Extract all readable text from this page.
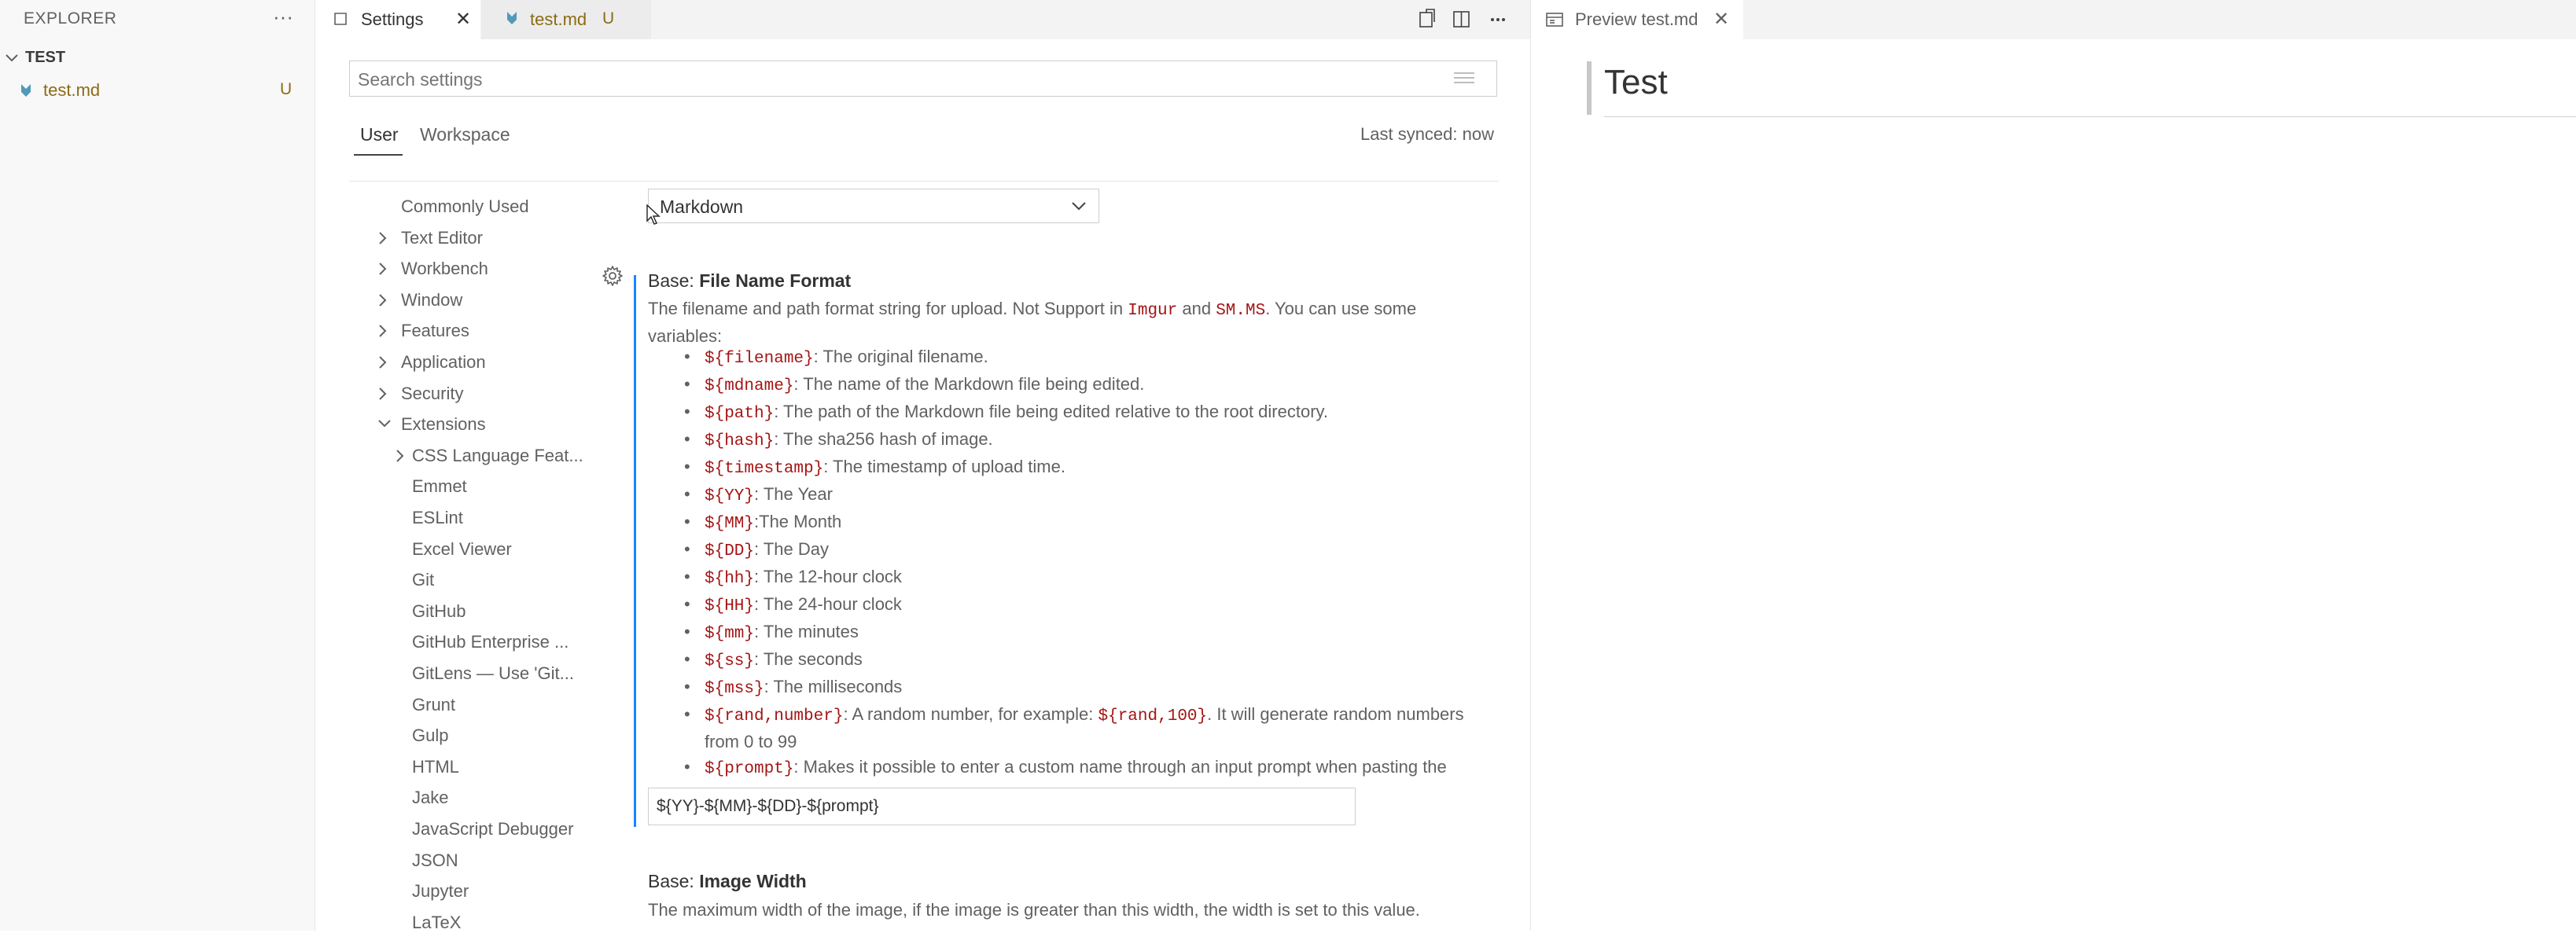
EXPLORER	···
TEST
test.md	U
Settings ✕	test.md U
Search settings
User Workspace	Last synced: now
Commonly Used
Text Editor
Workbench
Window
Features
Application
Security
Extensions
CSS Language Feat...
Emmet
ESLint
Excel Viewer
Git
GitHub
GitHub Enterprise ...
GitLens — Use 'Git...
Grunt
Gulp
HTML
Jake
JavaScript Debugger
JSON
Jupyter
LaTeX
Markdown
Base: File Name Format
The filename and path format string for upload. Not Support in Imgur and SM.MS. You can use some variables:
• ${filename}: The original filename.
• ${mdname}: The name of the Markdown file being edited.
• ${path}: The path of the Markdown file being edited relative to the root directory.
• ${hash}: The sha256 hash of image.
• ${timestamp}: The timestamp of upload time.
• ${YY}: The Year
• ${MM}:The Month
• ${DD}: The Day
• ${hh}: The 12-hour clock
• ${HH}: The 24-hour clock
• ${mm}: The minutes
• ${ss}: The seconds
• ${mss}: The milliseconds
• ${rand,number}: A random number, for example: ${rand,100}. It will generate random numbers from 0 to 99
• ${prompt}: Makes it possible to enter a custom name through an input prompt when pasting the
${YY}-${MM}-${DD}-${prompt}
Base: Image Width
The maximum width of the image, if the image is greater than this width, the width is set to this value.
Preview test.md ✕
Test
